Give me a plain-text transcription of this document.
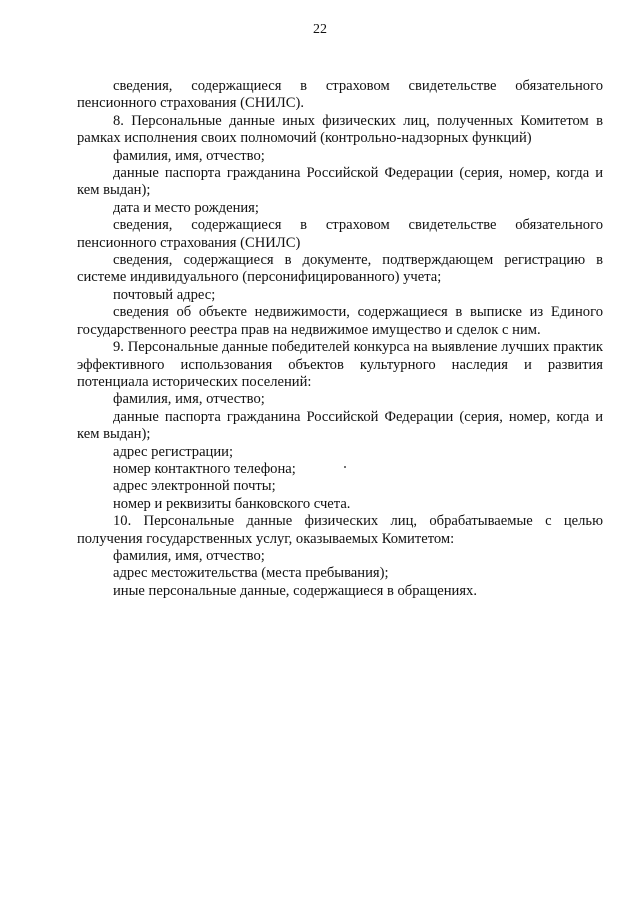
22

сведения, содержащиеся в страховом свидетельстве обязательного пенсионного страхования (СНИЛС).

8. Персональные данные иных физических лиц, полученных Комитетом в рамках исполнения своих полномочий (контрольно-надзорных функций)

фамилия, имя, отчество;

данные паспорта гражданина Российской Федерации (серия, номер, когда и кем выдан);

дата и место рождения;

сведения, содержащиеся в страховом свидетельстве обязательного пенсионного страхования (СНИЛС)

сведения, содержащиеся в документе, подтверждающем регистрацию в системе индивидуального (персонифицированного) учета;

почтовый адрес;

сведения об объекте недвижимости, содержащиеся в выписке из Единого государственного реестра прав на недвижимое имущество и сделок с ним.

9. Персональные данные победителей конкурса на выявление лучших практик эффективного использования объектов культурного наследия и развития потенциала исторических поселений:

фамилия, имя, отчество;

данные паспорта гражданина Российской Федерации (серия, номер, когда и кем выдан);

адрес регистрации;

номер контактного телефона;

адрес электронной почты;

номер и реквизиты банковского счета.

10. Персональные данные физических лиц, обрабатываемые с целью получения государственных услуг, оказываемых Комитетом:

фамилия, имя, отчество;

адрес местожительства (места пребывания);

иные персональные данные, содержащиеся в обращениях.
